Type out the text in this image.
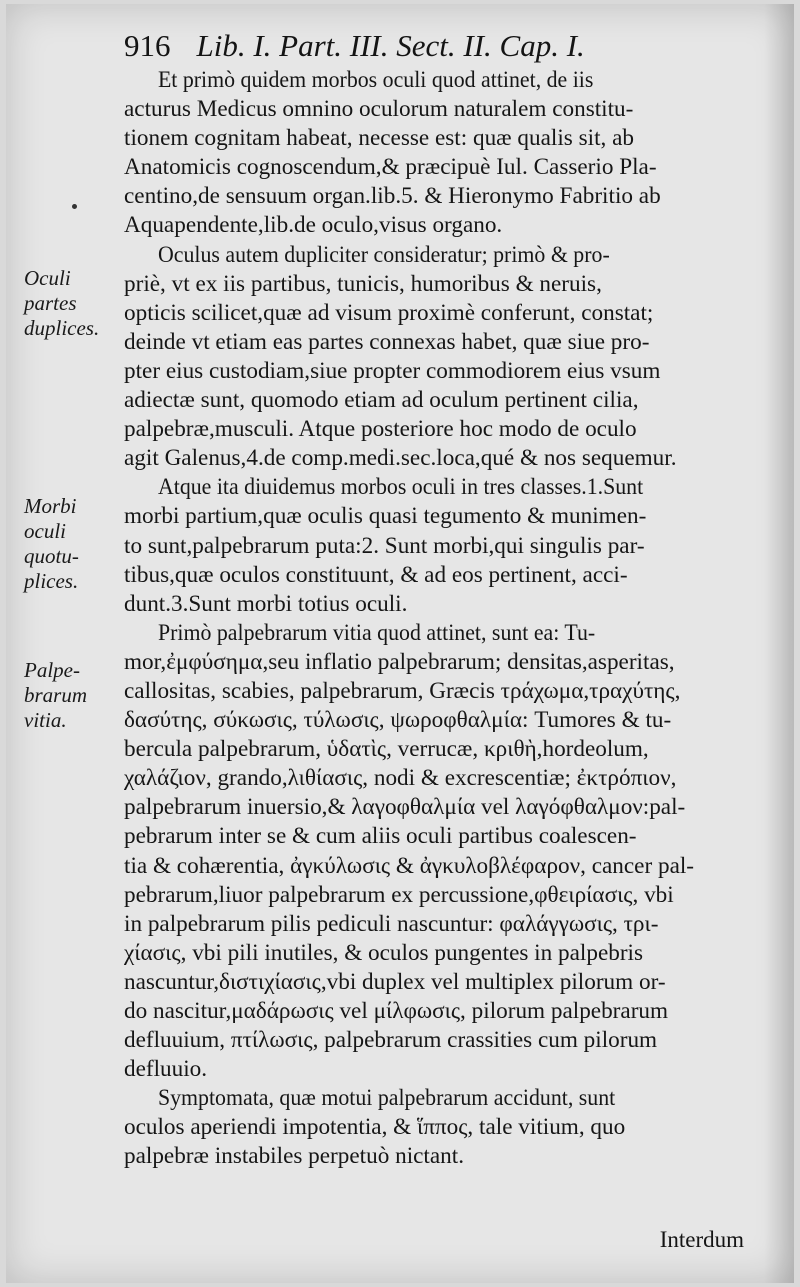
916 Lib. I. Part. III. Sect. II. Cap. I.
Oculi
partes
duplices.
Morbi
oculi
quotu-
plices.
Palpe-
brarum
vitia.
Et primò quidem morbos oculi quod attinet, de iis
acturus Medicus omnino oculorum naturalem constitu-
tionem cognitam habeat, necesse est: quæ qualis sit, ab
Anatomicis cognoscendum,& præcipuè Iul. Casserio Pla-
centino,de sensuum organ.lib.5. & Hieronymo Fabritio ab
Aquapendente,lib.de oculo,visus organo.
Oculus autem dupliciter consideratur; primò & pro-
priè, vt ex iis partibus, tunicis, humoribus & neruis,
opticis scilicet,quæ ad visum proximè conferunt, constat;
deinde vt etiam eas partes connexas habet, quæ siue pro-
pter eius custodiam,siue propter commodiorem eius vsum
adiectæ sunt, quomodo etiam ad oculum pertinent cilia,
palpebræ,musculi. Atque posteriore hoc modo de oculo
agit Galenus,4.de comp.medi.sec.loca,qué & nos sequemur.
Atque ita diuidemus morbos oculi in tres classes.1.Sunt
morbi partium,quæ oculis quasi tegumento & munimen-
to sunt,palpebrarum puta:2. Sunt morbi,qui singulis par-
tibus,quæ oculos constituunt, & ad eos pertinent, acci-
dunt.3.Sunt morbi totius oculi.
Primò palpebrarum vitia quod attinet, sunt ea: Tu-
mor,ἐμφύσημα,seu inflatio palpebrarum; densitas,asperitas,
callositas, scabies, palpebrarum, Græcis τράχωμα,τραχύτης,
δασύτης, σύκωσις, τύλωσις, ψωροφθαλμία: Tumores & tu-
bercula palpebrarum, ὑδατὶς, verrucæ, κριθὴ,hordeolum,
χαλάζιον, grando,λιθίασις, nodi & excrescentiæ; ἐκτρόπιον,
palpebrarum inuersio,& λαγοφθαλμία vel λαγόφθαλμον:pal-
pebrarum inter se & cum aliis oculi partibus coalescen-
tia & cohærentia, ἀγκύλωσις & ἀγκυλοβλέφαρον, cancer pal-
pebrarum,liuor palpebrarum ex percussione,φθειρίασις, vbi
in palpebrarum pilis pediculi nascuntur: φαλάγγωσις, τρι-
χίασις, vbi pili inutiles, & oculos pungentes in palpebris
nascuntur,διστιχίασις,vbi duplex vel multiplex pilorum or-
do nascitur,μαδάρωσις vel μίλφωσις, pilorum palpebrarum
defluuium, πτίλωσις, palpebrarum crassities cum pilorum
defluuio.
Symptomata, quæ motui palpebrarum accidunt, sunt
oculos aperiendi impotentia, & ἵππος, tale vitium, quo
palpebræ instabiles perpetuò nictant.
Interdum
